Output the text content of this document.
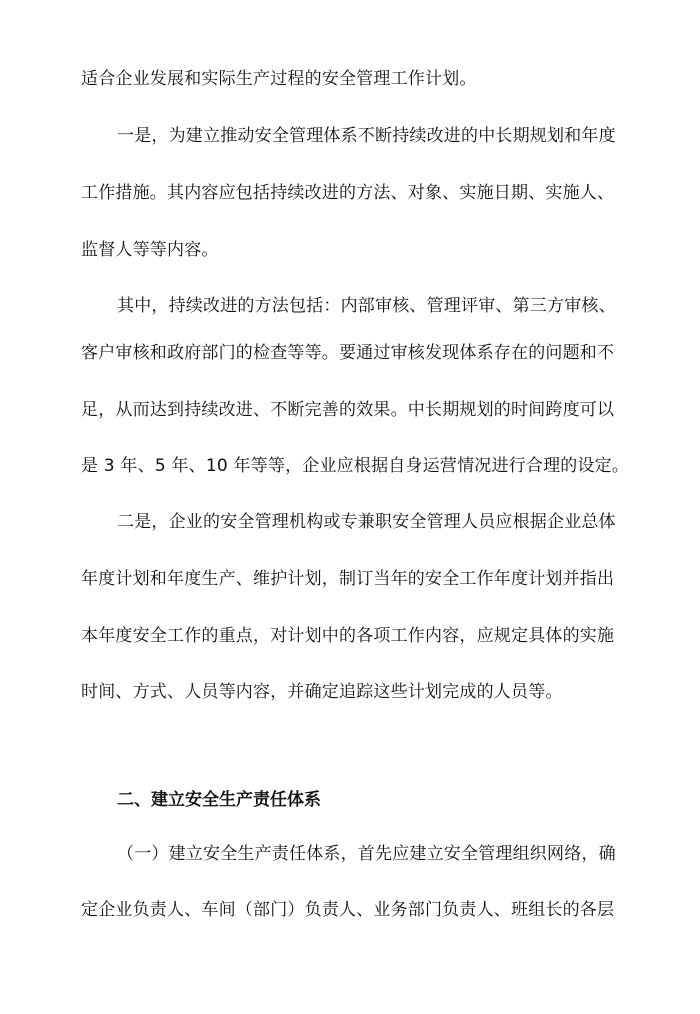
适合企业发展和实际生产过程的安全管理工作计划。
一是，为建立推动安全管理体系不断持续改进的中长期规划和年度
工作措施。其内容应包括持续改进的方法、对象、实施日期、实施人、
监督人等等内容。
其中，持续改进的方法包括：内部审核、管理评审、第三方审核、
客户审核和政府部门的检查等等。要通过审核发现体系存在的问题和不
足，从而达到持续改进、不断完善的效果。中长期规划的时间跨度可以
是 3 年、5 年、10 年等等，企业应根据自身运营情况进行合理的设定。
二是，企业的安全管理机构或专兼职安全管理人员应根据企业总体
年度计划和年度生产、维护计划，制订当年的安全工作年度计划并指出
本年度安全工作的重点，对计划中的各项工作内容，应规定具体的实施
时间、方式、人员等内容，并确定追踪这些计划完成的人员等。
二、建立安全生产责任体系
（一）建立安全生产责任体系，首先应建立安全管理组织网络，确
定企业负责人、车间（部门）负责人、业务部门负责人、班组长的各层
